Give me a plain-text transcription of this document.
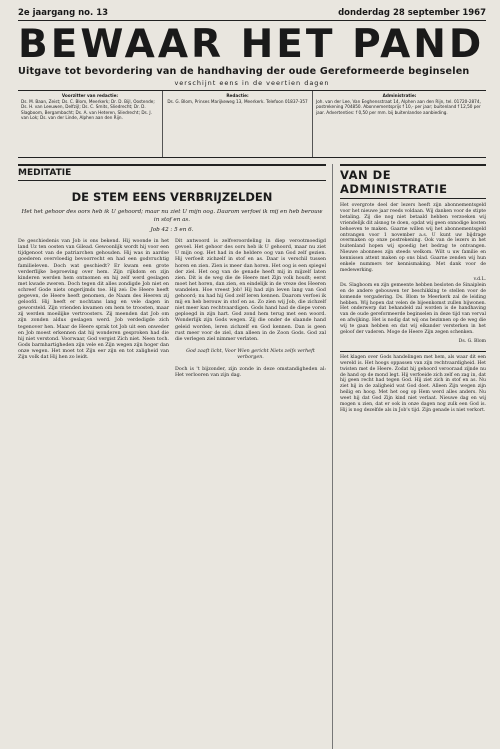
2e jaargang no. 13	donderdag 28 september 1967
BEWAAR HET PAND
Uitgave tot bevordering van de handhaving der oude Gereformeerde beginselen
verschijnt eens in de veertien dagen
Voorzitter van redactie:
Ds. M. Baan, Zeist; Ds. C. Blom, Meerkerk; Dr. D. Bijl, Oostende; Ds. H. van Leeuwen, Delfzijl; Ds. C. Smits, Sliedrecht; Dr. D. Slagboom, Bergambacht; Ds. A. van Heteren, Sliedrecht; Ds. J. van Lok; Ds. van der Linde, Alphen aan den Rijn.
Redactie:
Ds. G. Blom, Prinses Marijkeweg 13, Meerkerk. Telefoon 01837-357
Administratie:
Joh. van der Lee, Van Eeghensstraat 14, Alphen aan den Rijn, tel. 01720-2874, postrekening 704850. Abonnementsprijs f 10,- per jaar; buitenland f 12,50 per jaar. Advertenties: f 0,50 per mm. bij buitenlandse aanbieding.
MEDITATIE
DE STEM EENS VERBRIJZELDEN
Het het gehoor des oors heb ik U gehoord; maar nu ziet U mijn oog. Daarom verfoei ik mij en heb berouw in stof en as.
Job 42 : 5 en 6.
De geschiedenis van Job is ons bekend. Hij woonde in het land Uz ten oosten van Gilead. Gewoonlijk wordt hij voor een tijdgenoot van de patriarchen gehouden. Hij was in aardse goederen overvloedig bevoorrecht en had een godvruchtig familieleven. Doch wat geschiedt? Er kwam een grote verderflijke beproeving over hem. Zijn rijkdom en zijn kinderen werden hem ontnomen en hij zelf werd geslagen met kwade zweren. Doch tegen dit alles zondigde Job niet en schreef Gode niets ongerijmds toe. Hij zei: De Heere heeft gegeven, de Heere heeft genomen, de Naam des Heeren zij geloofd. Hij heeft er nochtans lang en vele dagen in geworsteld. Zijn vrienden kwamen om hem te troosten, maar zij werden moeilijke vertroosters. Zij meenden dat Job om zijn zonden aldus geslagen werd. Job verdedigde zich tegenover hen. Maar de Heere sprak tot Job uit een onweder en Job moest erkennen dat hij wonderen gesproken had die hij niet verstond. Voorwaar, God vergist Zich niet. Neen toch. Gods barmhartigheden zijn vele en Zijn wegen zijn hoger dan onze wegen. Het moet tot Zijn eer zijn en tot zaligheid van Zijn volk dat Hij hen zo leidt.
Dit antwoord is zelfveroordeling in diep verootmoedigd gevoel. Het gehoor des oors heb ik U gehoord, maar nu ziet U mijn oog. Het had in de heldere oog van God zelf gezien. Hij verfoeit zichzelf in stof en as. Daar is verschil tussen horen en zien. Zien is meer dan horen. Het oog is een spiegel der ziel. Het oog van de genade heeft mij in mijzelf laten zien. Dit is de weg die de Heere met Zijn volk houdt; eerst moet het horen, dan zien, en eindelijk in de vreze des Heeren wandelen. Hoe vreest Job! Hij had zijn leven lang van God gehoord; nu had hij God zelf leren kennen. Daarom verfoei ik mij en heb berouw in stof en as. Zo zien wij Job, die zichzelf niet meer kan rechtvaardigen. Gods hand had de diepe voren geploegd in zijn hart. God zond hem terug met een woord. Wonderlijk zijn Gods wegen. Zij die onder de slaande hand geleid worden, leren zichzelf en God kennen. Dan is geen rust meer voor de ziel, dan alleen in de Zoon Gods. God zal die verlegen ziel nimmer verlaten.
God zaaft licht, Voor Wien gericht Niets zelfs verheft verborgen.
Doch is 't bijzonder, zijn zonde in deze omstandigheden al: Het verlooren van zijn dag.
VAN DE ADMINISTRATIE

Het overgrote deel der lezers heeft zijn abonnementsgeld voor het nieuwe jaar reeds voldaan. Wij danken voor de stipte betaling. Zij die nog niet betaald hebben verzoeken wij vriendelijk dit alsnog te doen, opdat wij geen onnodige kosten behoeven te maken. Gaarne willen wij het abonnementsgeld ontvangen voor 1 november a.s. U kunt uw bijdrage overmaken op onze postrekening. Ook van de lezers in het buitenland hopen wij spoedig het bedrag te ontvangen. Nieuwe abonnees zijn steeds welkom. Wilt u uw familie en kennissen attent maken op ons blad. Gaarne zenden wij hun enkele nummers ter kennismaking. Met dank voor de medewerking.

v.d.L.

Ds. Slagboom en zijn gemeente hebben besloten de Sinaiplein en de andere gebouwen ter beschikking te stellen voor de komende vergadering. Ds. Blom te Meerkerk zal de leiding hebben. Wij hopen dat velen de bijeenkomst zullen bijwonen. Het onderwerp dat behandeld zal worden is de handhaving van de oude gereformeerde beginselen in deze tijd van verval en afwijking. Het is nodig dat wij ons bezinnen op de weg die wij te gaan hebben en dat wij elkander versterken in het geloof der vaderen. Moge de Heere Zijn zegen schenken.

Ds. G. Blom

Het klagen over Gods handelingen met hem, als waar dit een wereld is. Het hoogs oppassen van zijn rechtvaardigheid. Het twisten met de Heere. Zodat hij gehoord verooraad zijnde nu de hand op de mond legt. Hij verfoeide zich zelf en zag in, dat hij geen recht had tegen God. Hij ziet zich in stof en as. Nu ziet hij in de zaligheid wat God doet. Alleen Zijn wegen zijn heilig en hoog. Met het oog op Hem werd alles anders. Nu weet hij dat God Zijn kind niet verlaat. Nieuwe dag en wij mogen u zien, dat er ook in onze dagen nog zulk een God is. Hij is nog dezelfde als in Job's tijd. Zijn genade is niet verkort.
